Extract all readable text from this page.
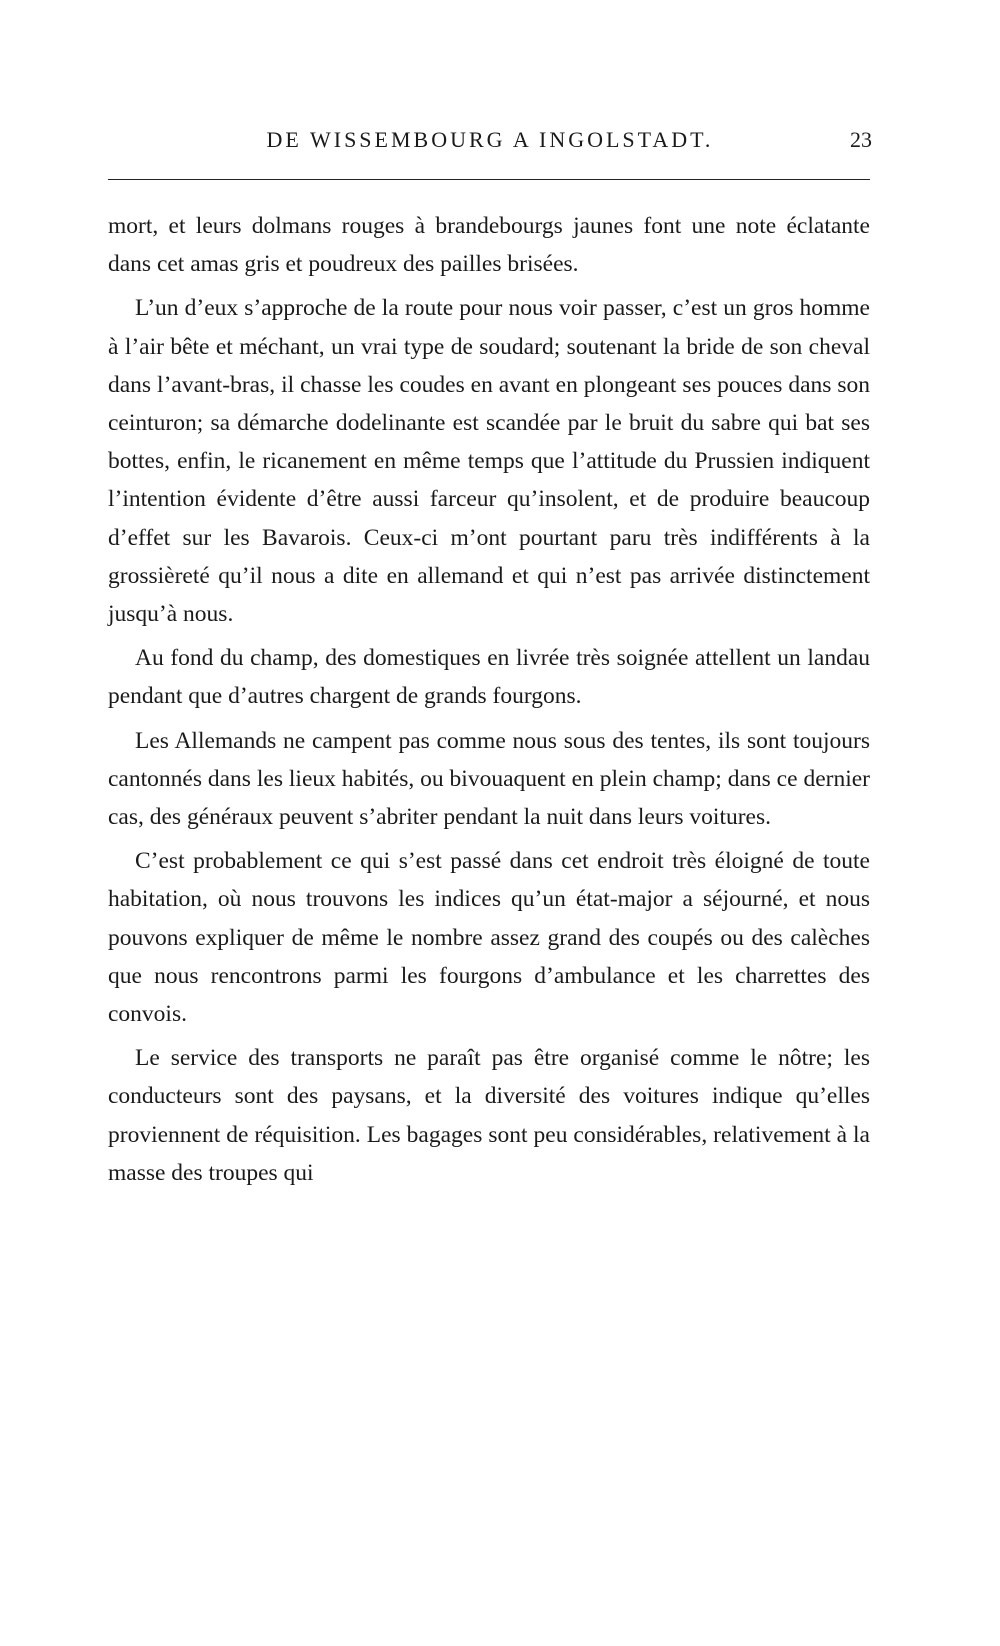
DE WISSEMBOURG A INGOLSTADT.	23

mort, et leurs dolmans rouges à brandebourgs jaunes font une note éclatante dans cet amas gris et poudreux des pailles brisées.

L’un d’eux s’approche de la route pour nous voir passer, c’est un gros homme à l’air bête et méchant, un vrai type de soudard; soutenant la bride de son cheval dans l’avant-bras, il chasse les coudes en avant en plongeant ses pouces dans son ceinturon; sa démarche dodelinante est scandée par le bruit du sabre qui bat ses bottes, enfin, le ricanement en même temps que l’attitude du Prussien indiquent l’intention évidente d’être aussi farceur qu’insolent, et de produire beaucoup d’effet sur les Bavarois. Ceux-ci m’ont pourtant paru très indifférents à la grossièreté qu’il nous a dite en allemand et qui n’est pas arrivée distinctement jusqu’à nous.

Au fond du champ, des domestiques en livrée très soignée attellent un landau pendant que d’autres chargent de grands fourgons.

Les Allemands ne campent pas comme nous sous des tentes, ils sont toujours cantonnés dans les lieux habités, ou bivouaquent en plein champ; dans ce dernier cas, des généraux peuvent s’abriter pendant la nuit dans leurs voitures.

C’est probablement ce qui s’est passé dans cet endroit très éloigné de toute habitation, où nous trouvons les indices qu’un état-major a séjourné, et nous pouvons expliquer de même le nombre assez grand des coupés ou des calèches que nous rencontrons parmi les fourgons d’ambulance et les charrettes des convois.

Le service des transports ne paraît pas être organisé comme le nôtre; les conducteurs sont des paysans, et la diversité des voitures indique qu’elles proviennent de réquisition. Les bagages sont peu considérables, relativement à la masse des troupes qui
